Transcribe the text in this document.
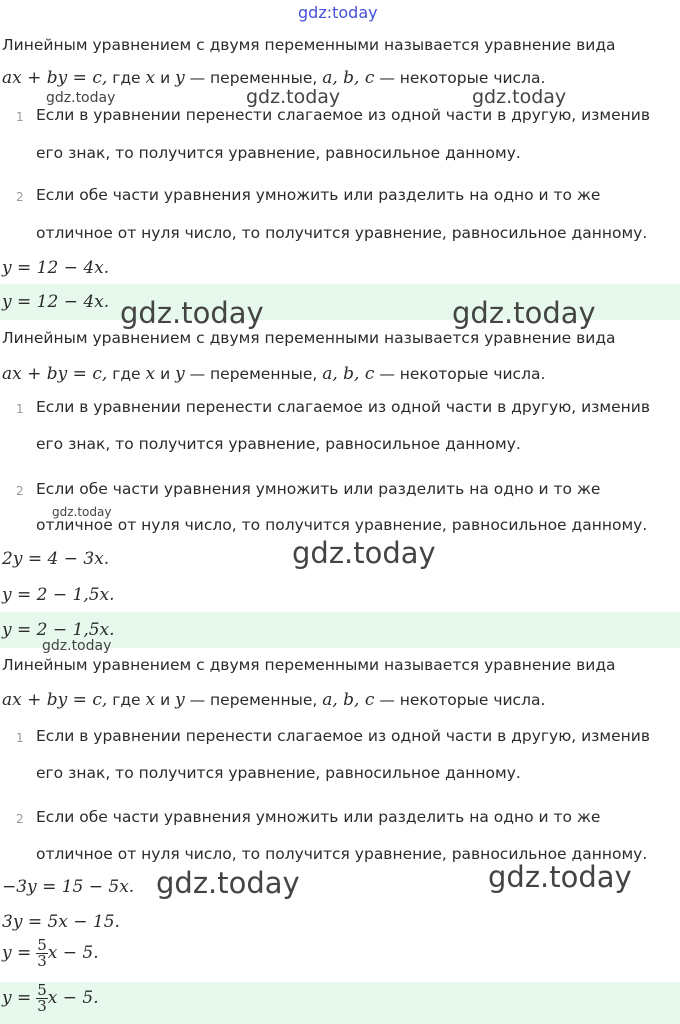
gdz:today
Линейным уравнением с двумя переменными называется уравнение вида
ax + by = c, где x и y — переменные, a, b, c — некоторые числа.
1 Если в уравнении перенести слагаемое из одной части в другую, изменив
его знак, то получится уравнение, равносильное данному.
2 Если обе части уравнения умножить или разделить на одно и то же
отличное от нуля число, то получится уравнение, равносильное данному.
y = 12 − 4x.
y = 12 − 4x.
Линейным уравнением с двумя переменными называется уравнение вида
ax + by = c, где x и y — переменные, a, b, c — некоторые числа.
1 Если в уравнении перенести слагаемое из одной части в другую, изменив
его знак, то получится уравнение, равносильное данному.
2 Если обе части уравнения умножить или разделить на одно и то же
отличное от нуля число, то получится уравнение, равносильное данному.
2y = 4 − 3x.
y = 2 − 1,5x.
y = 2 − 1,5x.
Линейным уравнением с двумя переменными называется уравнение вида
ax + by = c, где x и y — переменные, a, b, c — некоторые числа.
1 Если в уравнении перенести слагаемое из одной части в другую, изменив
его знак, то получится уравнение, равносильное данному.
2 Если обе части уравнения умножить или разделить на одно и то же
отличное от нуля число, то получится уравнение, равносильное данному.
−3y = 15 − 5x.
3y = 5x − 15.
$y = \frac{5}{3}$ x − 5.
$y = \frac{5}{3}$ x − 5.
gdz.today	gdz.today	gdz.today
gdz.today	gdz.today
gdz.today
gdz.today
gdz.today
gdz.today	gdz.today
